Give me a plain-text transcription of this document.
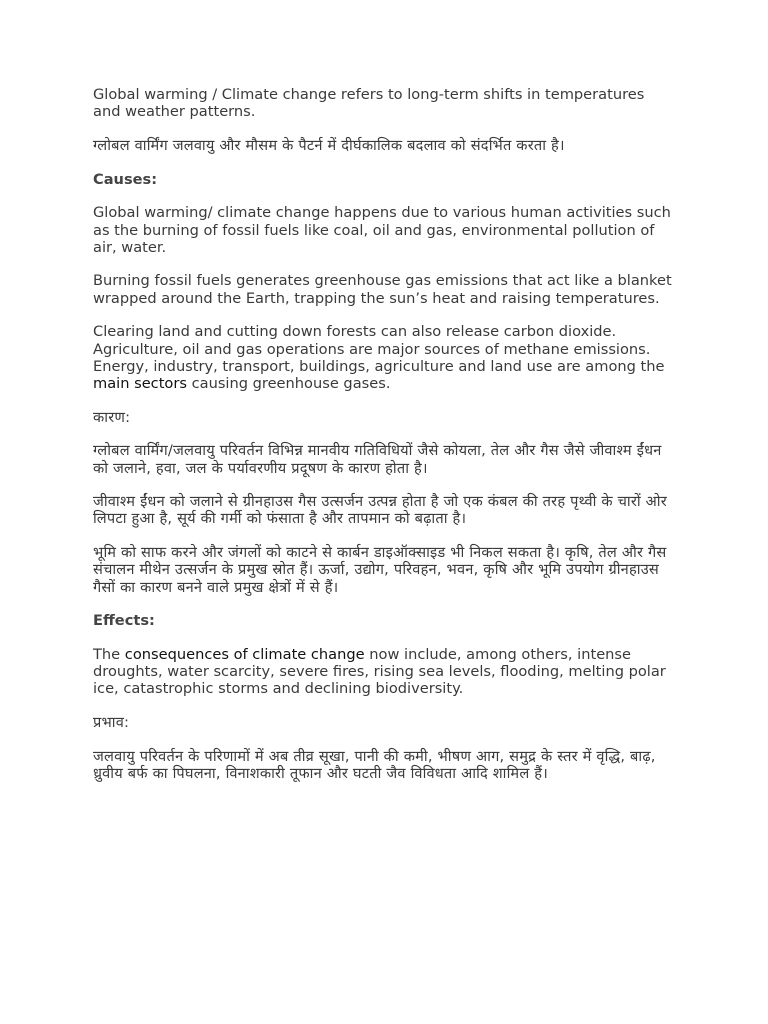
Global warming / Climate change refers to long-term shifts in temperatures and weather patterns.

ग्लोबल वार्मिंग जलवायु और मौसम के पैटर्न में दीर्घकालिक बदलाव को संदर्भित करता है।

Causes:

Global warming/ climate change happens due to various human activities such as the burning of fossil fuels like coal, oil and gas, environmental pollution of air, water.

Burning fossil fuels generates greenhouse gas emissions that act like a blanket wrapped around the Earth, trapping the sun’s heat and raising temperatures.

Clearing land and cutting down forests can also release carbon dioxide. Agriculture, oil and gas operations are major sources of methane emissions. Energy, industry, transport, buildings, agriculture and land use are among the main sectors causing greenhouse gases.

कारण:

ग्लोबल वार्मिंग/जलवायु परिवर्तन विभिन्न मानवीय गतिविधियों जैसे कोयला, तेल और गैस जैसे जीवाश्म ईंधन को जलाने, हवा, जल के पर्यावरणीय प्रदूषण के कारण होता है।

जीवाश्म ईंधन को जलाने से ग्रीनहाउस गैस उत्सर्जन उत्पन्न होता है जो एक कंबल की तरह पृथ्वी के चारों ओर लिपटा हुआ है, सूर्य की गर्मी को फंसाता है और तापमान को बढ़ाता है।

भूमि को साफ करने और जंगलों को काटने से कार्बन डाइऑक्साइड भी निकल सकता है। कृषि, तेल और गैस संचालन मीथेन उत्सर्जन के प्रमुख स्रोत हैं। ऊर्जा, उद्योग, परिवहन, भवन, कृषि और भूमि उपयोग ग्रीनहाउस गैसों का कारण बनने वाले प्रमुख क्षेत्रों में से हैं।

Effects:

The consequences of climate change now include, among others, intense droughts, water scarcity, severe fires, rising sea levels, flooding, melting polar ice, catastrophic storms and declining biodiversity.

प्रभाव:

जलवायु परिवर्तन के परिणामों में अब तीव्र सूखा, पानी की कमी, भीषण आग, समुद्र के स्तर में वृद्धि, बाढ़, ध्रुवीय बर्फ का पिघलना, विनाशकारी तूफान और घटती जैव विविधता आदि शामिल हैं।
